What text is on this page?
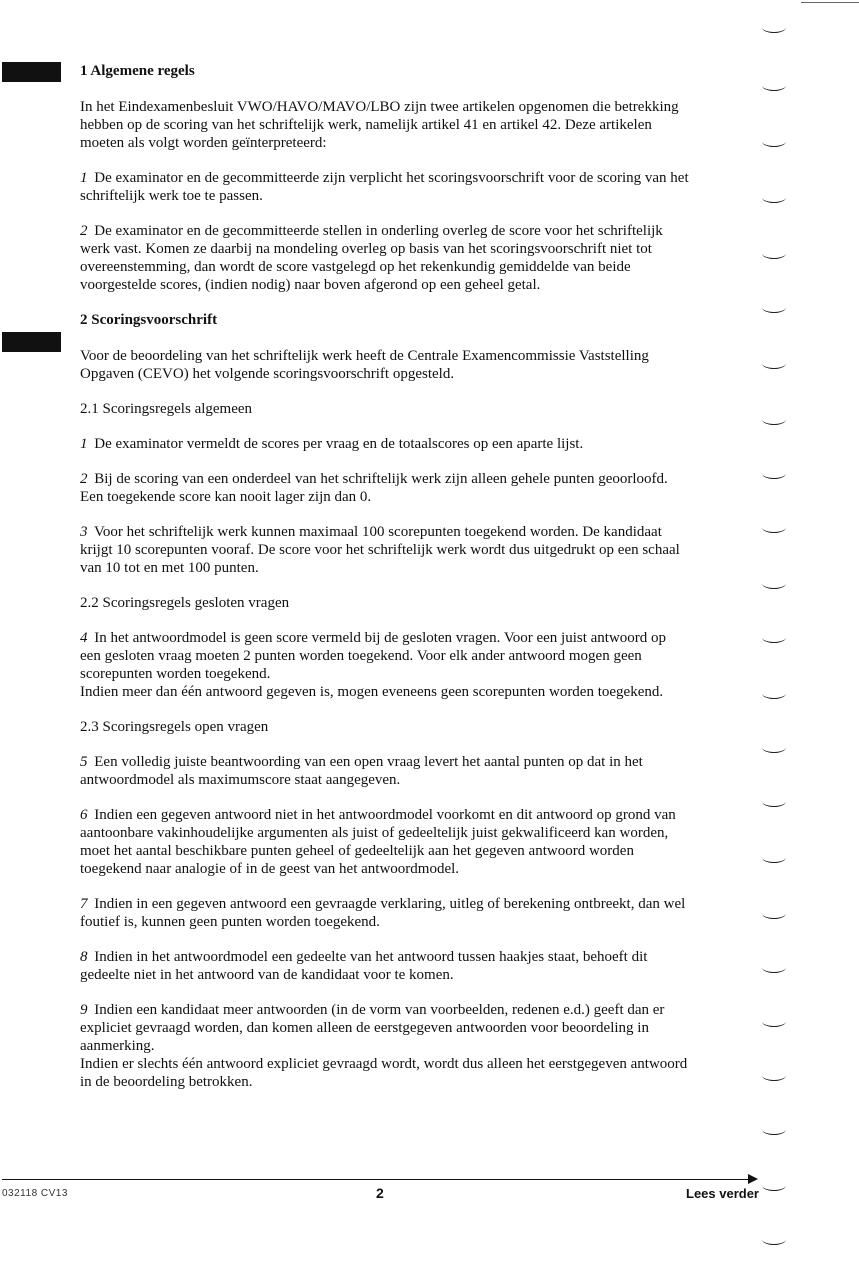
1 Algemene regels
In het Eindexamenbesluit VWO/HAVO/MAVO/LBO zijn twee artikelen opgenomen die betrekking hebben op de scoring van het schriftelijk werk, namelijk artikel 41 en artikel 42. Deze artikelen moeten als volgt worden geïnterpreteerd:
1 De examinator en de gecommitteerde zijn verplicht het scoringsvoorschrift voor de scoring van het schriftelijk werk toe te passen.
2 De examinator en de gecommitteerde stellen in onderling overleg de score voor het schriftelijk werk vast. Komen ze daarbij na mondeling overleg op basis van het scoringsvoorschrift niet tot overeenstemming, dan wordt de score vastgelegd op het rekenkundig gemiddelde van beide voorgestelde scores, (indien nodig) naar boven afgerond op een geheel getal.
2 Scoringsvoorschrift
Voor de beoordeling van het schriftelijk werk heeft de Centrale Examencommissie Vaststelling Opgaven (CEVO) het volgende scoringsvoorschrift opgesteld.
2.1 Scoringsregels algemeen
1 De examinator vermeldt de scores per vraag en de totaalscores op een aparte lijst.
2 Bij de scoring van een onderdeel van het schriftelijk werk zijn alleen gehele punten geoorloofd. Een toegekende score kan nooit lager zijn dan 0.
3 Voor het schriftelijk werk kunnen maximaal 100 scorepunten toegekend worden. De kandidaat krijgt 10 scorepunten vooraf. De score voor het schriftelijk werk wordt dus uitgedrukt op een schaal van 10 tot en met 100 punten.
2.2 Scoringsregels gesloten vragen
4 In het antwoordmodel is geen score vermeld bij de gesloten vragen. Voor een juist antwoord op een gesloten vraag moeten 2 punten worden toegekend. Voor elk ander antwoord mogen geen scorepunten worden toegekend.
Indien meer dan één antwoord gegeven is, mogen eveneens geen scorepunten worden toegekend.
2.3 Scoringsregels open vragen
5 Een volledig juiste beantwoording van een open vraag levert het aantal punten op dat in het antwoordmodel als maximumscore staat aangegeven.
6 Indien een gegeven antwoord niet in het antwoordmodel voorkomt en dit antwoord op grond van aantoonbare vakinhoudelijke argumenten als juist of gedeeltelijk juist gekwalificeerd kan worden, moet het aantal beschikbare punten geheel of gedeeltelijk aan het gegeven antwoord worden toegekend naar analogie of in de geest van het antwoordmodel.
7 Indien in een gegeven antwoord een gevraagde verklaring, uitleg of berekening ontbreekt, dan wel foutief is, kunnen geen punten worden toegekend.
8 Indien in het antwoordmodel een gedeelte van het antwoord tussen haakjes staat, behoeft dit gedeelte niet in het antwoord van de kandidaat voor te komen.
9 Indien een kandidaat meer antwoorden (in de vorm van voorbeelden, redenen e.d.) geeft dan er expliciet gevraagd worden, dan komen alleen de eerstgegeven antwoorden voor beoordeling in aanmerking.
Indien er slechts één antwoord expliciet gevraagd wordt, wordt dus alleen het eerstgegeven antwoord in de beoordeling betrokken.
032118 CV13	2	Lees verder
